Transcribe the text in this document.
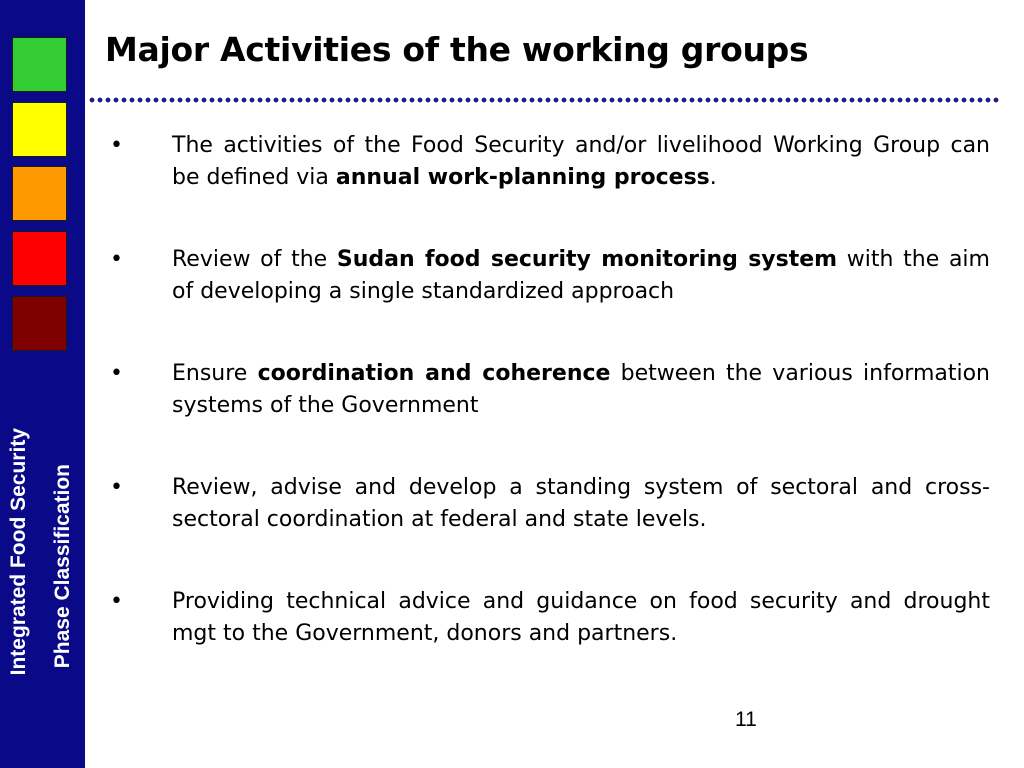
Integrated Food Security Phase Classification
Major Activities of the working groups
• The activities of the Food Security and/or livelihood Working Group can be defined via annual work-planning process.
• Review of the Sudan food security monitoring system with the aim of developing a single standardized approach
• Ensure coordination and coherence between the various information systems of the Government
• Review, advise and develop a standing system of sectoral and cross-sectoral coordination at federal and state levels.
• Providing technical advice and guidance on food security and drought mgt to the Government, donors and partners.
11
